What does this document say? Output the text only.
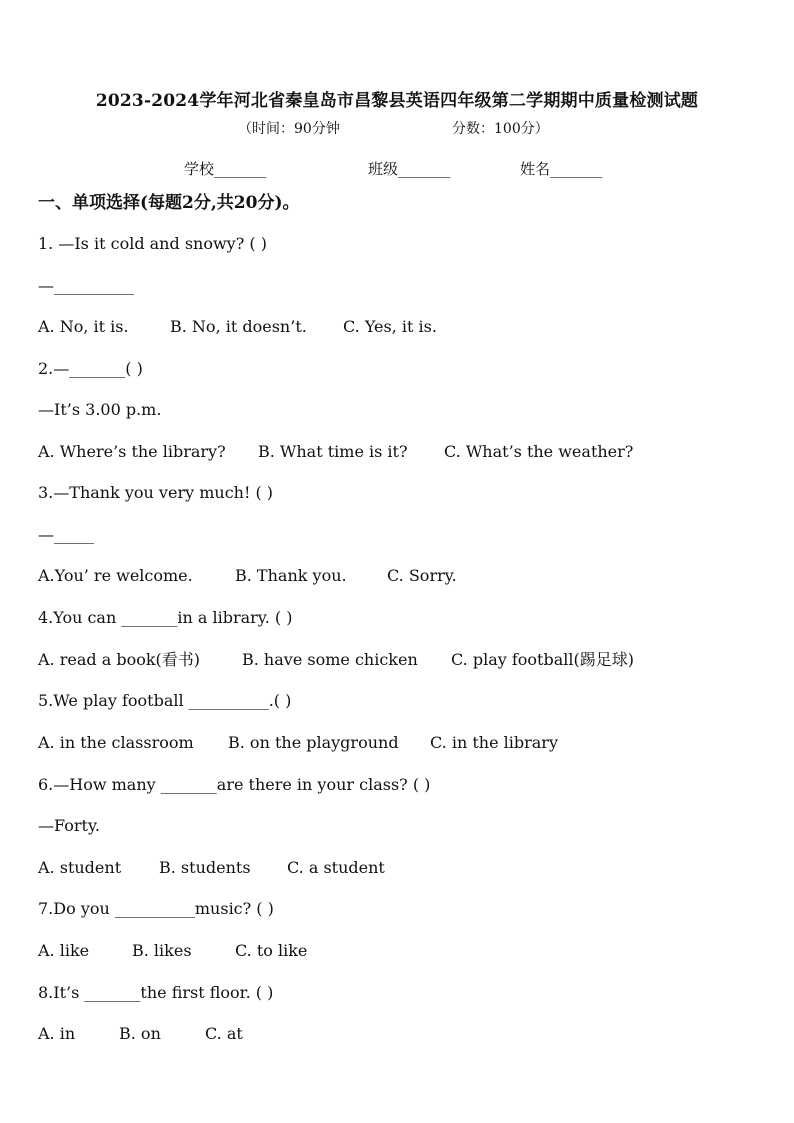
2023-2024学年河北省秦皇岛市昌黎县英语四年级第二学期期中质量检测试题
（时间：90分钟	分数：100分）
学校_______	班级_______	姓名_______
一、单项选择(每题2分,共20分)。
1. —Is it cold and snowy? ( )
—__________
A. No, it is.	B. No, it doesn’t. C. Yes, it is.
2.—_______( )
—It’s 3.00 p.m.
A. Where’s the library? B. What time is it? C. What’s the weather?
3.—Thank you very much! ( )
—_____
A.You’ re welcome.	B. Thank you.	C. Sorry.
4.You can _______in a library. ( )
A. read a book(看书)	B. have some chicken C. play football(踢足球)
5.We play football __________.( )
A. in the classroom B. on the playground C. in the library
6.—How many _______are there in your class? ( )
—Forty.
A. student B. students C. a student
7.Do you __________music? ( )
A. like	B. likes	C. to like
8.It’s _______the first floor. ( )
A. in	B. on	C. at
